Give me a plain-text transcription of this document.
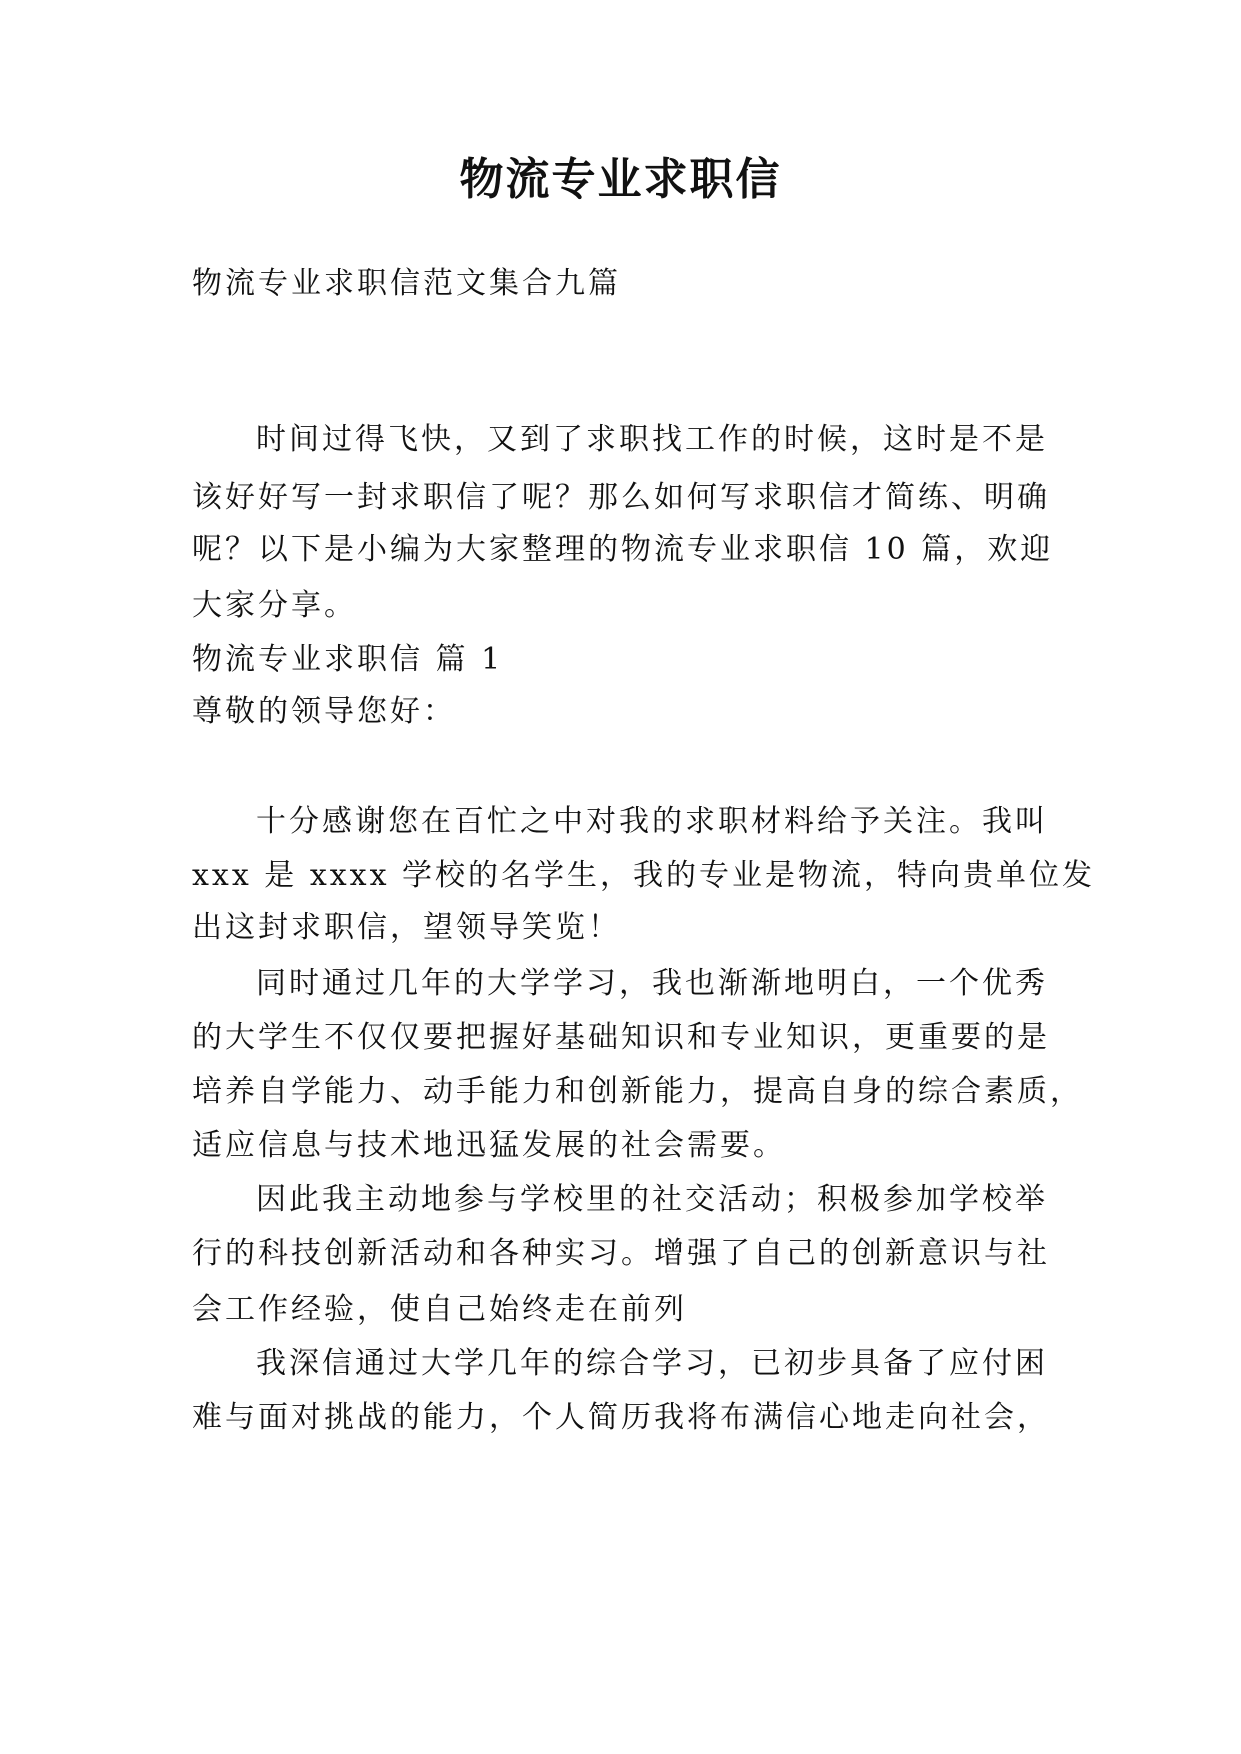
物流专业求职信
物流专业求职信范文集合九篇
时间过得飞快，又到了求职找工作的时候，这时是不是
该好好写一封求职信了呢？那么如何写求职信才简练、明确
呢？以下是小编为大家整理的物流专业求职信 10 篇，欢迎
大家分享。
物流专业求职信 篇 1
尊敬的领导您好：
十分感谢您在百忙之中对我的求职材料给予关注。我叫
xxx 是 xxxx 学校的名学生，我的专业是物流，特向贵单位发
出这封求职信，望领导笑览！
同时通过几年的大学学习，我也渐渐地明白，一个优秀
的大学生不仅仅要把握好基础知识和专业知识，更重要的是
培养自学能力、动手能力和创新能力，提高自身的综合素质，
适应信息与技术地迅猛发展的社会需要。
因此我主动地参与学校里的社交活动；积极参加学校举
行的科技创新活动和各种实习。增强了自己的创新意识与社
会工作经验，使自己始终走在前列
我深信通过大学几年的综合学习，已初步具备了应付困
难与面对挑战的能力，个人简历我将布满信心地走向社会，
